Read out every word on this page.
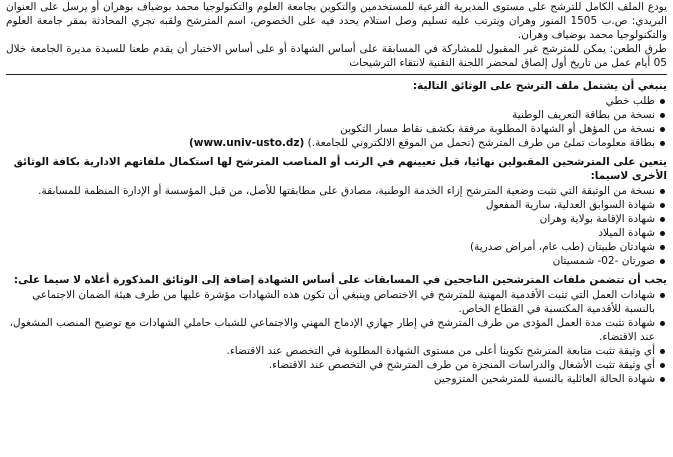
يودع الملف الكامل للترشح على مستوى المديرية الفرعية للمستخدمين والتكوين بجامعة العلوم والتكنولوجيا محمد بوضياف بوهران أو يرسل على العنوان البريدي: ص.ب 1505 المنور وهران ويترتب عليه تسليم وصل استلام يحدد فيه على الخصوص، اسم المترشح ولقبه تجري المحادثة بمقر جامعة العلوم والتكنولوجيا محمد بوضياف وهران.

طرق الطعن: يمكن للمترشح غير المقبول للمشاركة في المسابقة على أساس الشهادة أو على أساس الاختبار أن يقدم طعنا للسيدة مديرة الجامعة خلال 05 أيام عمل من تاريخ أول إلصاق لمحضر اللجنة التقنية لانتقاء الترشيحات

ينبغي أن يشتمل ملف الترشح على الوثائق التالية:
طلب خطي
نسخة من بطاقة التعريف الوطنية
نسخة من المؤهل أو الشهادة المطلوبة مرفقة بكشف نقاط مسار التكوين
بطاقة معلومات تملئ من طرف المترشح (تحمل من الموقع الالكتروني للجامعة.) (www.univ-usto.dz)
يتعين على المترشحين المقبولين نهائيا، قبل تعيينهم في الرتب أو المناصب المترشح لها استكمال ملفاتهم الادارية بكافة الوثائق الأخرى لاسيما:
نسخة من الوثيقة التي تثبت وضعية المترشح إزاء الخدمة الوطنية، مصادق على مطابقتها للأصل، من قبل المؤسسة أو الإدارة المنظمة للمسابقة.
شهادة السوابق العدلية، سارية المفعول
شهادة الإقامة بولاية وهران
شهادة الميلاد
شهادتان طبيتان (طب عام، أمراض صدرية)
صورتان -02- شمسيتان
يجب أن تتضمن ملفات المترشحين الناجحين في المسابقات على أساس الشهادة إضافة إلى الوثائق المذكورة أعلاه لا سيما على:
شهادات العمل التي تثبت الأقدمية المهنية للمترشح في الاختصاص وينبغي أن تكون هذه الشهادات مؤشرة عليها من طرف هيئة الضمان الاجتماعي بالنسبة للأقدمية المكتسبة في القطاع الخاص.
شهادة تثبت مدة العمل المؤدى من طرف المترشح في إطار جهازي الإدماج المهني والاجتماعي للشباب حاملي الشهادات مع توضيح المنصب المشغول، عند الاقتضاء.
أي وثيقة تثبت متابعة المترشح تكوينا أعلى من مستوى الشهادة المطلوبة في التخصص عند الاقتضاء.
أي وثيقة تثبت الأشغال والدراسات المنجزة من طرف المترشح في التخصص عند الاقتضاء.
شهادة الحالة العائلية بالنسبة للمترشحين المتزوجين
